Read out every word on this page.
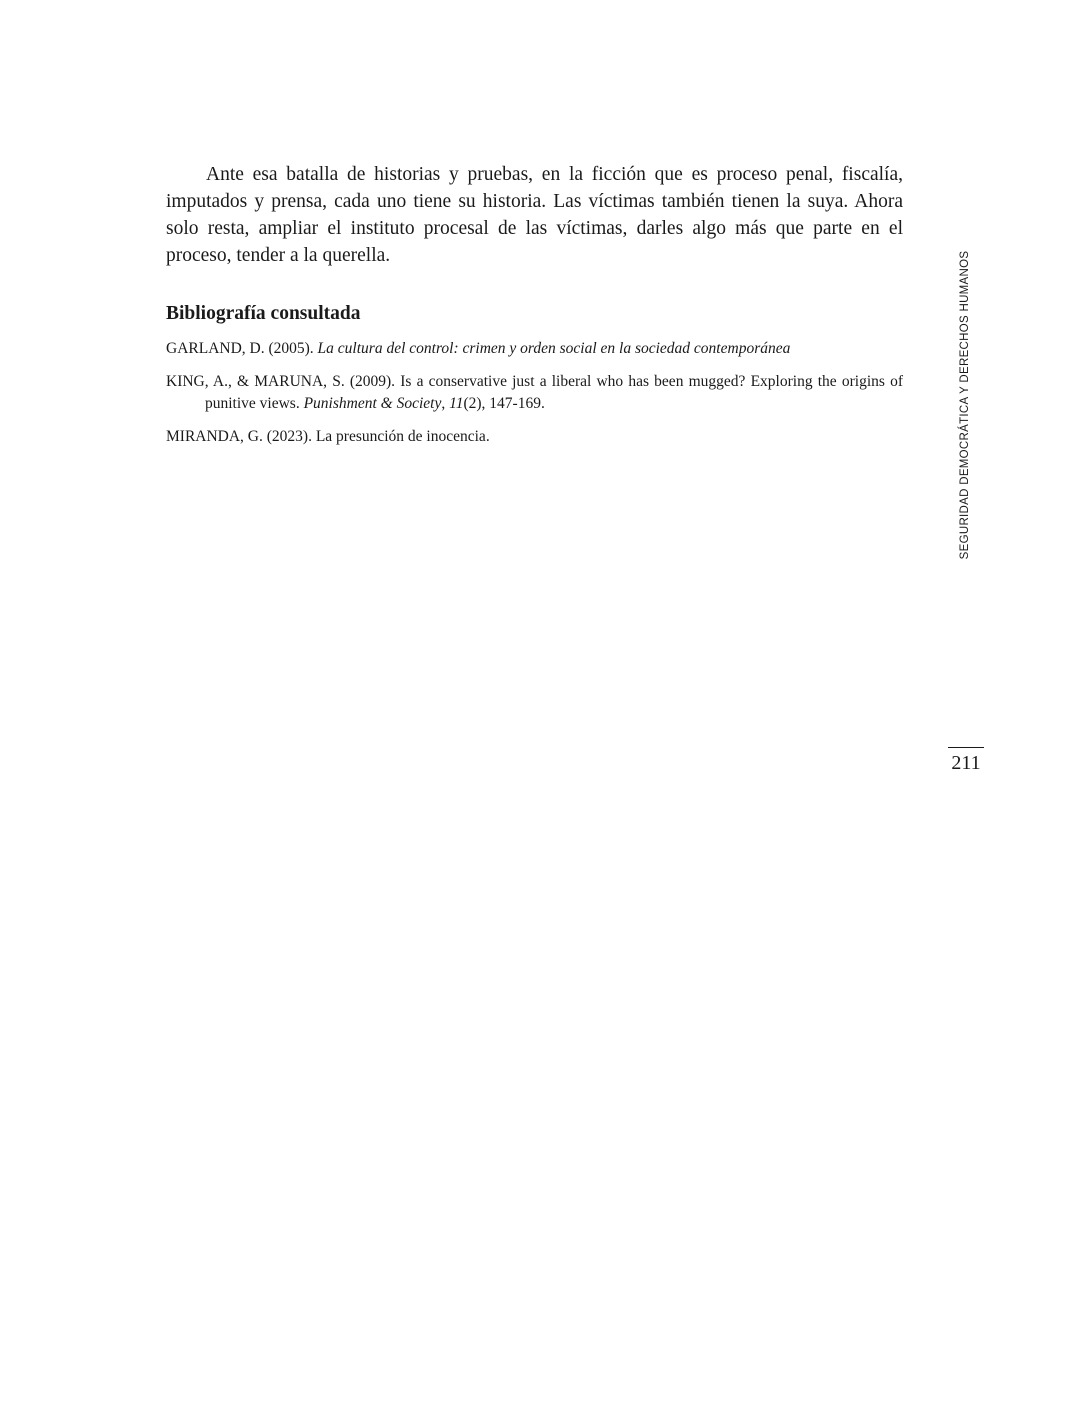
Ante esa batalla de historias y pruebas, en la ficción que es proceso penal, fiscalía, imputados y prensa, cada uno tiene su historia. Las víctimas también tienen la suya. Ahora solo resta, ampliar el instituto procesal de las víctimas, darles algo más que parte en el proceso, tender a la querella.

Bibliografía consultada
GARLAND, D. (2005). La cultura del control: crimen y orden social en la sociedad contemporánea
KING, A., & MARUNA, S. (2009). Is a conservative just a liberal who has been mugged? Exploring the origins of punitive views. Punishment & Society, 11(2), 147-169.
MIRANDA, G. (2023). La presunción de inocencia.	SEGURIDAD DEMOCRÁTICA Y DERECHOS HUMANOS
211
